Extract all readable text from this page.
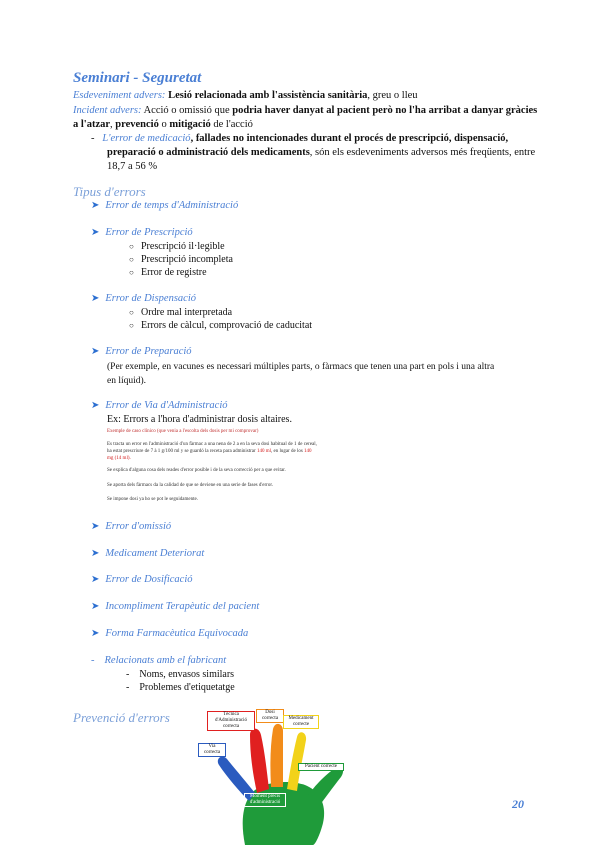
Seminari - Seguretat
Esdeveniment advers: Lesió relacionada amb l'assistència sanitària, greu o lleu
Incident advers: Acció o omissió que podria haver danyat al pacient però no l'ha arribat a danyar gràcies
a l'atzar, prevenció o mitigació de l'acció
- L'error de medicació, fallades no intencionades durant el procés de prescripció, dispensació,
preparació o administració dels medicaments, són els esdeveniments adversos més freqüents, entre
18,7 a 56 %
Tipus d'errors
➤ Error de temps d'Administració
➤ Error de Prescripció
○ Prescripció il·legible
○ Prescripció incompleta
○ Error de registre
➤ Error de Dispensació
○ Ordre mal interpretada
○ Errors de càlcul, comprovació de caducitat
➤ Error de Preparació
(Per exemple, en vacunes es necessari múltiples parts, o fàrmacs que tenen una part en pols i una altra
en líquid).
➤ Error de Via d'Administració
Ex: Errors a l'hora d'administrar dosis altaires.
Exemple de caso clínico (que venia a l'escolta dels dosis per mi comprovar)
Es tracta un error en l'administració d'un fàrmac a una nena de 2 a en la seva dosi habitual de 1 de cereal,
ha estat prescriure de 7 à 1 g/100 ml y se guardó la receta para administrar 140 ml, en lugar de los 140
mg (14 ml).
Se explica d'alguna cosa dels reades d'error posible i de la seva correcció per a que evitar.
Se aporta dels fàrmacs da la calidad de que se deviene en una serie de fases d'error.
Se impone dosi ya ho se pot le seguidamente.
➤ Error d'omissió
➤ Medicament Deteriorat
➤ Error de Dosificació
➤ Incompliment Terapèutic del pacient
➤ Forma Farmacèutica Equivocada
- Relacionats amb el fabricant
- Noms, envasos similars
- Problemes d'etiquetatge
Prevenció d'errors	Tècnica
d'Administració
correcta
Dosi
correcta	Medicament
correcte
Via
correcta
Pacient correcte
Moment precís
d'administració	20
